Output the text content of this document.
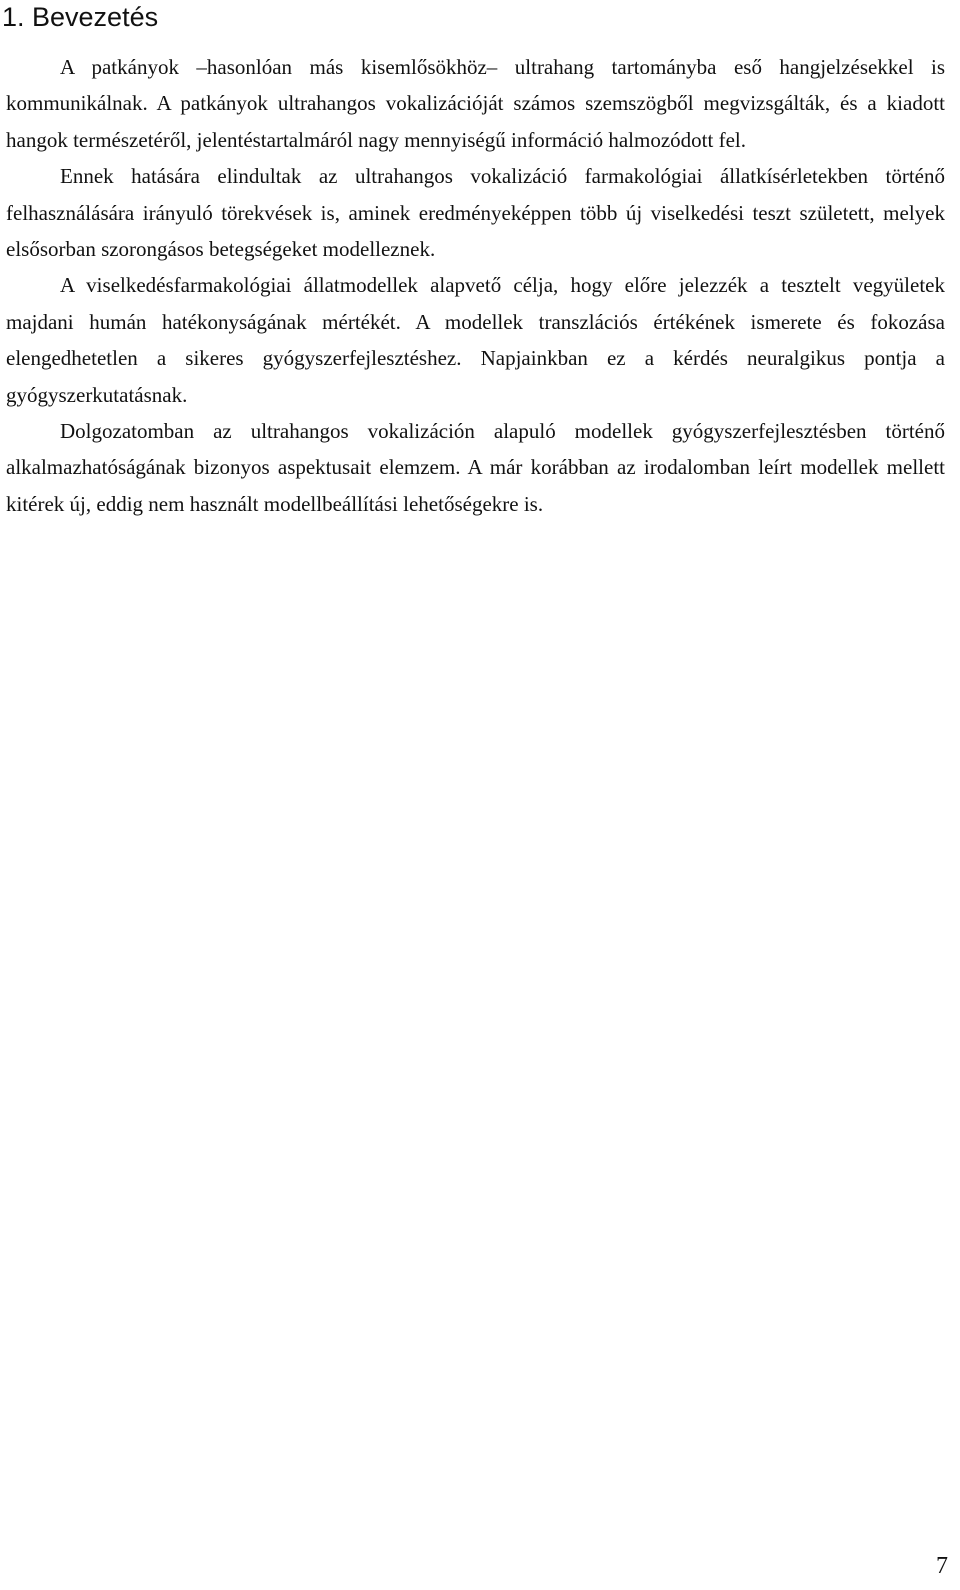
1. Bevezetés

A patkányok –hasonlóan más kisemlősökhöz– ultrahang tartományba eső hangjelzésekkel is kommunikálnak. A patkányok ultrahangos vokalizációját számos szemszögből megvizsgálták, és a kiadott hangok természetéről, jelentéstartalmáról nagy mennyiségű információ halmozódott fel.

Ennek hatására elindultak az ultrahangos vokalizáció farmakológiai állatkísérletekben történő felhasználására irányuló törekvések is, aminek eredményeképpen több új viselkedési teszt született, melyek elsősorban szorongásos betegségeket modelleznek.

A viselkedésfarmakológiai állatmodellek alapvető célja, hogy előre jelezzék a tesztelt vegyületek majdani humán hatékonyságának mértékét. A modellek transzlációs értékének ismerete és fokozása elengedhetetlen a sikeres gyógyszerfejlesztéshez. Napjainkban ez a kérdés neuralgikus pontja a gyógyszerkutatásnak.

Dolgozatomban az ultrahangos vokalizáción alapuló modellek gyógyszerfejlesztésben történő alkalmazhatóságának bizonyos aspektusait elemzem. A már korábban az irodalomban leírt modellek mellett kitérek új, eddig nem használt modellbeállítási lehetőségekre is.

7
